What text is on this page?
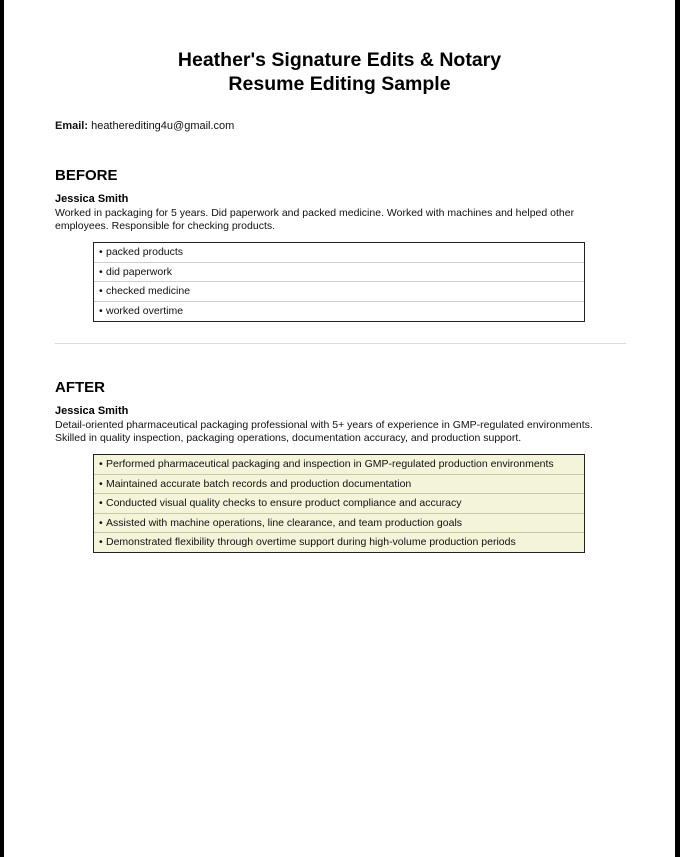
Heather's Signature Edits & Notary
Resume Editing Sample
Email: heatherediting4u@gmail.com
BEFORE
Jessica Smith
Worked in packaging for 5 years. Did paperwork and packed medicine. Worked with machines and helped other
employees. Responsible for checking products.
• packed products
• did paperwork
• checked medicine
• worked overtime
AFTER
Jessica Smith
Detail-oriented pharmaceutical packaging professional with 5+ years of experience in GMP-regulated environments.
Skilled in quality inspection, packaging operations, documentation accuracy, and production support.
• Performed pharmaceutical packaging and inspection in GMP-regulated production environments
• Maintained accurate batch records and production documentation
• Conducted visual quality checks to ensure product compliance and accuracy
• Assisted with machine operations, line clearance, and team production goals
• Demonstrated flexibility through overtime support during high-volume production periods
